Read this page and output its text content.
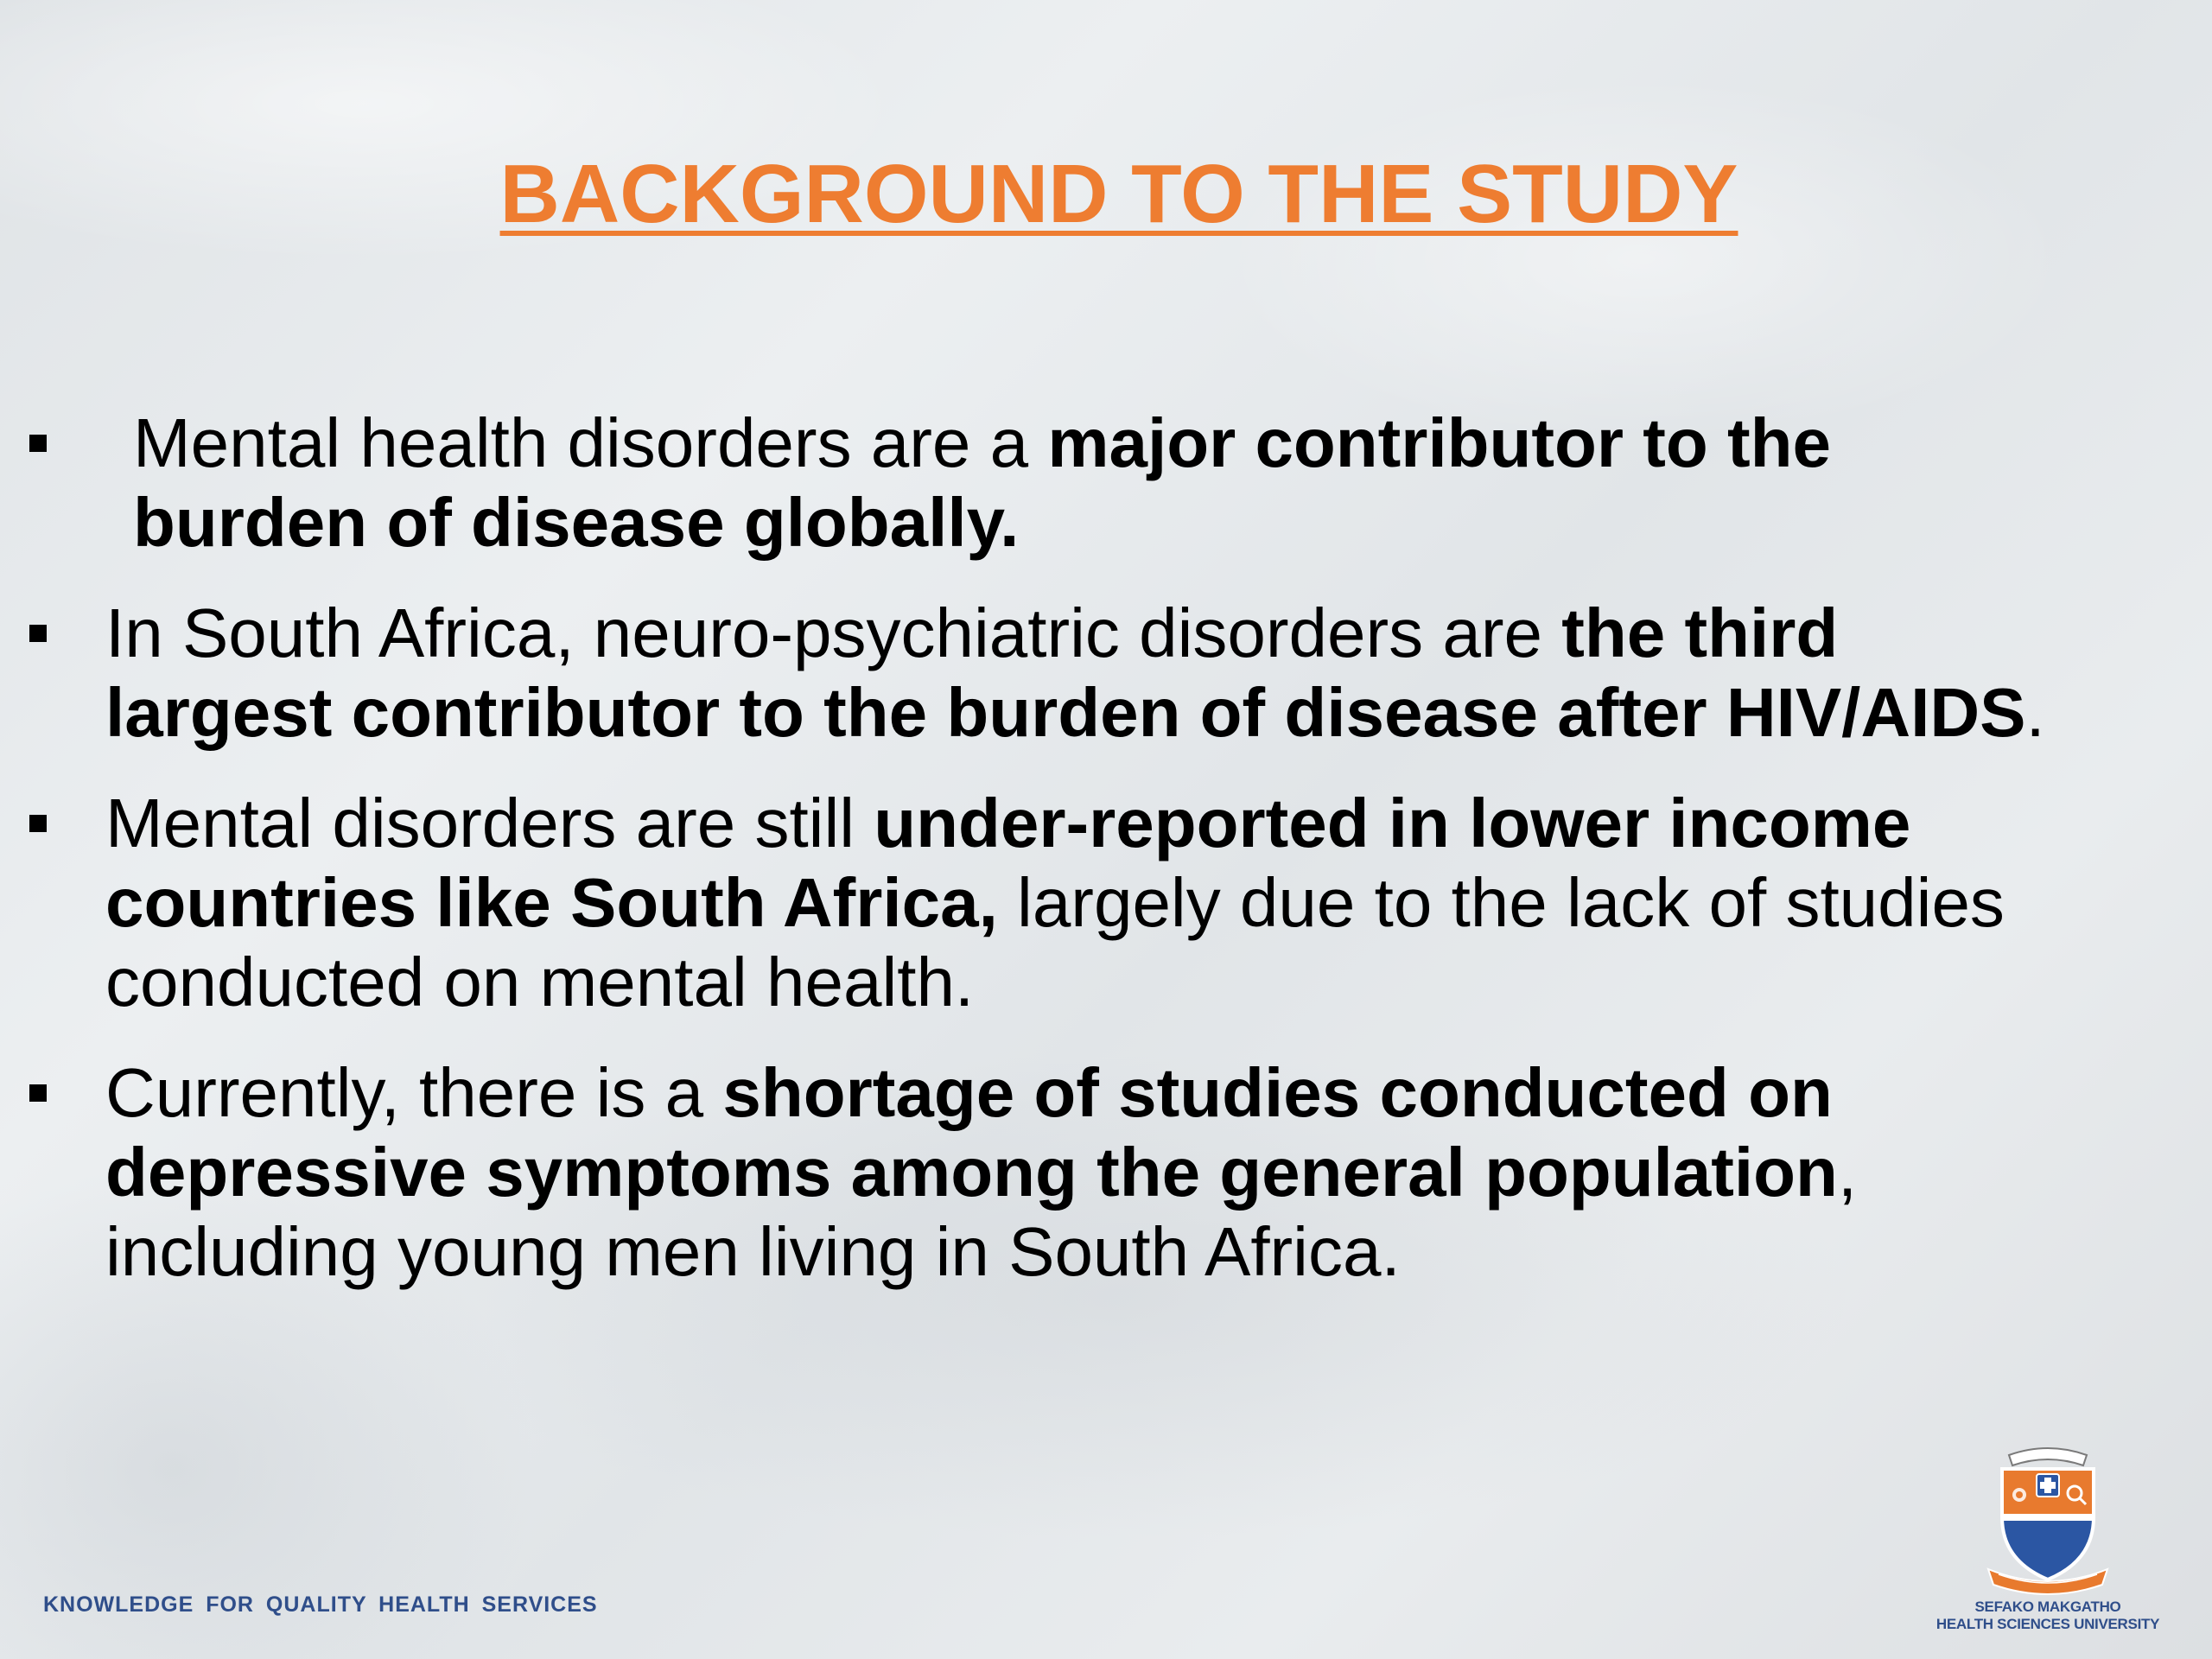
BACKGROUND TO THE STUDY

Mental health disorders are a major contributor to the
burden of disease globally.

In South Africa, neuro-psychiatric disorders are the third
largest contributor to the burden of disease after HIV/AIDS.

Mental disorders are still under-reported in lower income
countries like South Africa, largely due to the lack of studies
conducted on mental health.

Currently, there is a shortage of studies conducted on
depressive symptoms among the general population,
including young men living in South Africa.

KNOWLEDGE FOR QUALITY HEALTH SERVICES	SEFAKO MAKGATHO
HEALTH SCIENCES UNIVERSITY
